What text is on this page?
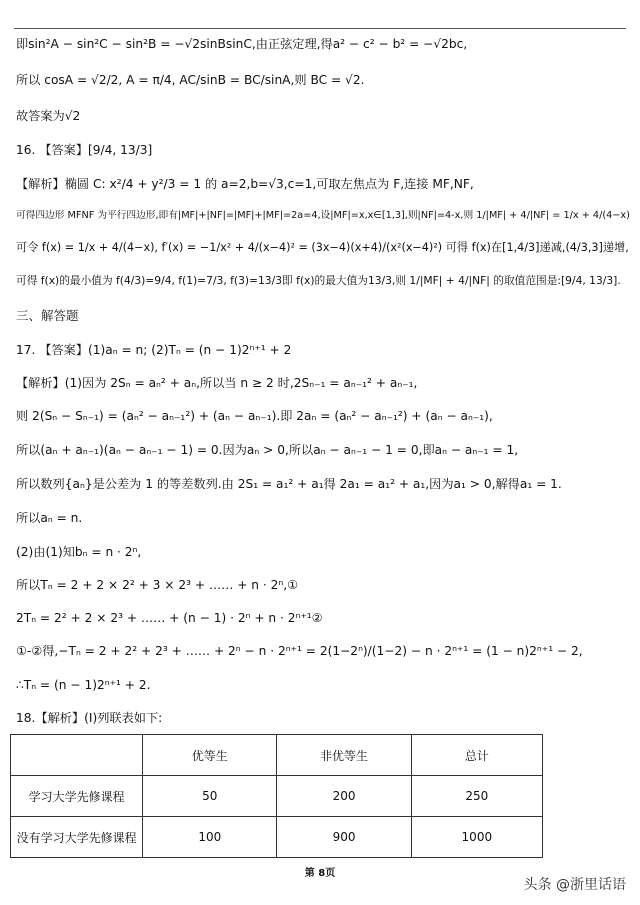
即sin²A − sin²C − sin²B = −√2sinBsinC,由正弦定理,得a² − c² − b² = −√2bc,
所以 cosA = √2/2, A = π/4, AC/sinB = BC/sinA,则 BC = √2.
故答案为√2
16. 【答案】[9/4, 13/3]
【解析】椭圆 C: x²/4 + y²/3 = 1 的 a=2,b=√3,c=1,可取左焦点为 F,连接 MF,NF,
可得四边形 MFNF 为平行四边形,即有|MF|+|NF|=|MF|+|MF|=2a=4,设|MF|=x,x∈[1,3],则|NF|=4-x,则 1/|MF| + 4/|NF| = 1/x + 4/(4−x)
可令 f(x) = 1/x + 4/(4−x), f′(x) = −1/x² + 4/(x−4)² = (3x−4)(x+4)/(x²(x−4)²) 可得 f(x)在[1,4/3]递减,(4/3,3]递增,
可得 f(x)的最小值为 f(4/3)=9/4, f(1)=7/3, f(3)=13/3即 f(x)的最大值为13/3,则 1/|MF| + 4/|NF| 的取值范围是:[9/4, 13/3].
三、解答题
17. 【答案】(1)aₙ = n; (2)Tₙ = (n − 1)2ⁿ⁺¹ + 2
【解析】(1)因为 2Sₙ = aₙ² + aₙ,所以当 n ≥ 2 时,2Sₙ₋₁ = aₙ₋₁² + aₙ₋₁,
则 2(Sₙ − Sₙ₋₁) = (aₙ² − aₙ₋₁²) + (aₙ − aₙ₋₁).即 2aₙ = (aₙ² − aₙ₋₁²) + (aₙ − aₙ₋₁),
所以(aₙ + aₙ₋₁)(aₙ − aₙ₋₁ − 1) = 0.因为aₙ > 0,所以aₙ − aₙ₋₁ − 1 = 0,即aₙ − aₙ₋₁ = 1,
所以数列{aₙ}是公差为 1 的等差数列.由 2S₁ = a₁² + a₁得 2a₁ = a₁² + a₁,因为a₁ > 0,解得a₁ = 1.
所以aₙ = n.
(2)由(1)知bₙ = n · 2ⁿ,
所以Tₙ = 2 + 2 × 2² + 3 × 2³ + …… + n · 2ⁿ,①
2Tₙ = 2² + 2 × 2³ + …… + (n − 1) · 2ⁿ + n · 2ⁿ⁺¹②
①-②得,−Tₙ = 2 + 2² + 2³ + …… + 2ⁿ − n · 2ⁿ⁺¹ = 2(1−2ⁿ)/(1−2) − n · 2ⁿ⁺¹ = (1 − n)2ⁿ⁺¹ − 2,
∴Tₙ = (n − 1)2ⁿ⁺¹ + 2.
18.【解析】(Ⅰ)列联表如下:
	优等生	非优等生	总计
学习大学先修课程	50	200	250
没有学习大学先修课程	100	900	1000
第 8页
头条 @浙里话语
